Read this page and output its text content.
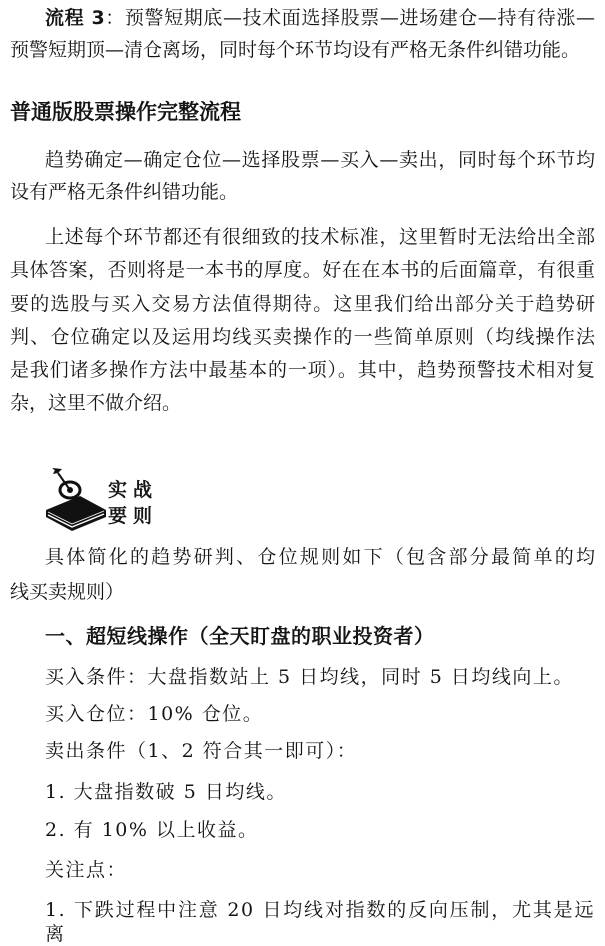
流程 3：预警短期底—技术面选择股票—进场建仓—持有待涨—
预警短期顶—清仓离场，同时每个环节均设有严格无条件纠错功能。
普通版股票操作完整流程
趋势确定—确定仓位—选择股票—买入—卖出，同时每个环节均
设有严格无条件纠错功能。
上述每个环节都还有很细致的技术标准，这里暂时无法给出全部
具体答案，否则将是一本书的厚度。好在在本书的后面篇章，有很重
要的选股与买入交易方法值得期待。这里我们给出部分关于趋势研
判、仓位确定以及运用均线买卖操作的一些简单原则（均线操作法
是我们诸多操作方法中最基本的一项）。其中，趋势预警技术相对复
杂，这里不做介绍。
实战
要则
具体简化的趋势研判、仓位规则如下（包含部分最简单的均
线买卖规则）
一、超短线操作（全天盯盘的职业投资者）
买入条件：大盘指数站上 5 日均线，同时 5 日均线向上。
买入仓位：10% 仓位。
卖出条件（1、2 符合其一即可）：
1. 大盘指数破 5 日均线。
2. 有 10% 以上收益。
关注点：
1. 下跌过程中注意 20 日均线对指数的反向压制，尤其是远离
